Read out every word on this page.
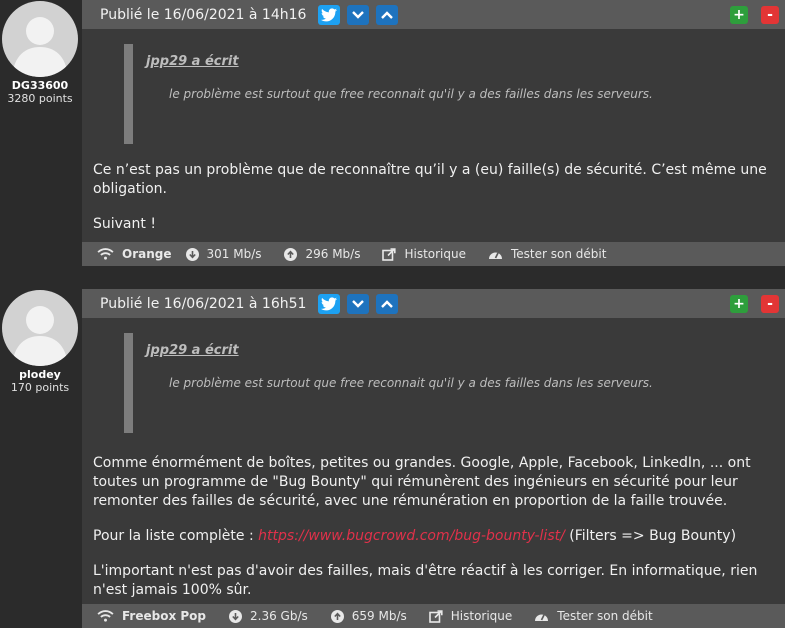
DG33600
3280 points
Publié le 16/06/2021 à 14h16	+	-
jpp29 a écrit
le problème est surtout que free reconnait qu'il y a des failles dans les serveurs.

Ce n’est pas un problème que de reconnaître qu’il y a (eu) faille(s) de sécurité. C’est même une obligation.

Suivant !

Orange	301 Mb/s	296 Mb/s	Historique	Tester son débit
plodey
170 points
Publié le 16/06/2021 à 16h51	+	-
jpp29 a écrit
le problème est surtout que free reconnait qu'il y a des failles dans les serveurs.

Comme énormément de boîtes, petites ou grandes. Google, Apple, Facebook, LinkedIn, ... ont toutes un programme de "Bug Bounty" qui rémunèrent des ingénieurs en sécurité pour leur remonter des failles de sécurité, avec une rémunération en proportion de la faille trouvée.

Pour la liste complète : https://www.bugcrowd.com/bug-bounty-list/ (Filters => Bug Bounty)

L'important n'est pas d'avoir des failles, mais d'être réactif à les corriger. En informatique, rien n'est jamais 100% sûr.

Freebox Pop	2.36 Gb/s	659 Mb/s	Historique	Tester son débit
